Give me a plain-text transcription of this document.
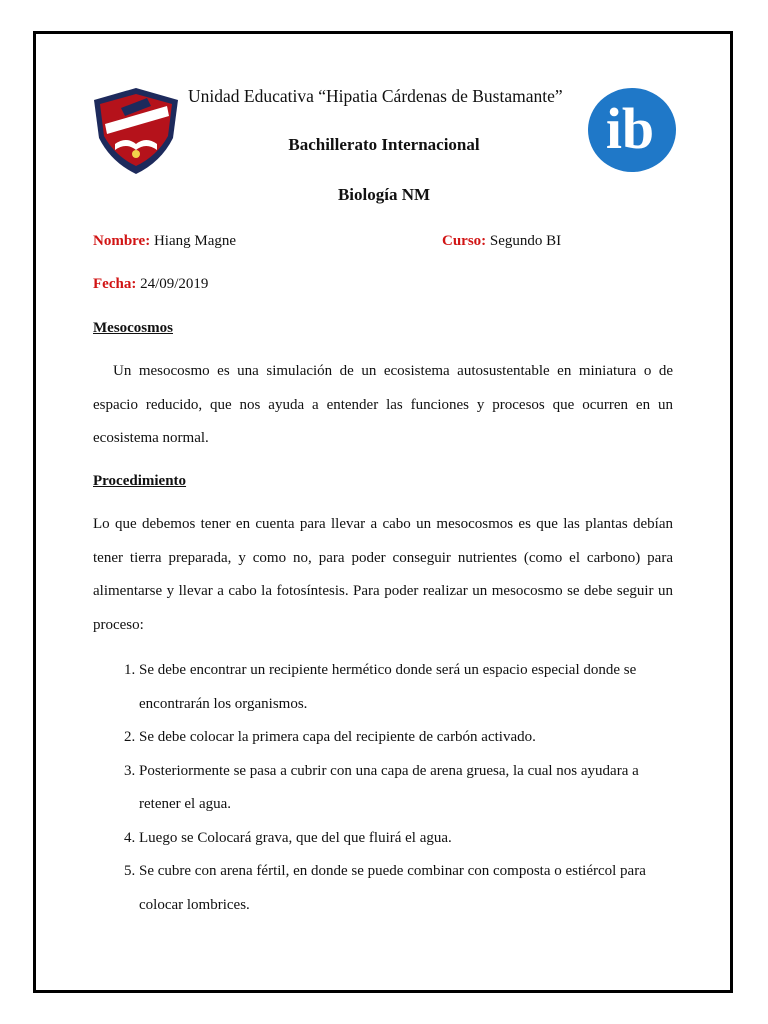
ib
Unidad Educativa “Hipatia Cárdenas de Bustamante”
Bachillerato Internacional
Biología NM
Nombre: Hiang Magne	Curso: Segundo BI
Fecha: 24/09/2019
Mesocosmos
Un mesocosmo es una simulación de un ecosistema autosustentable en miniatura o de espacio reducido, que nos ayuda a entender las funciones y procesos que ocurren en un ecosistema normal.
Procedimiento
Lo que debemos tener en cuenta para llevar a cabo un mesocosmos es que las plantas debían tener tierra preparada, y como no, para poder conseguir nutrientes (como el carbono) para alimentarse y llevar a cabo la fotosíntesis. Para poder realizar un mesocosmo se debe seguir un proceso:
1. Se debe encontrar un recipiente hermético donde será un espacio especial donde se encontrarán los organismos.
2. Se debe colocar la primera capa del recipiente de carbón activado.
3. Posteriormente se pasa a cubrir con una capa de arena gruesa, la cual nos ayudara a retener el agua.
4. Luego se Colocará grava, que del que fluirá el agua.
5. Se cubre con arena fértil, en donde se puede combinar con composta o estiércol para colocar lombrices.
